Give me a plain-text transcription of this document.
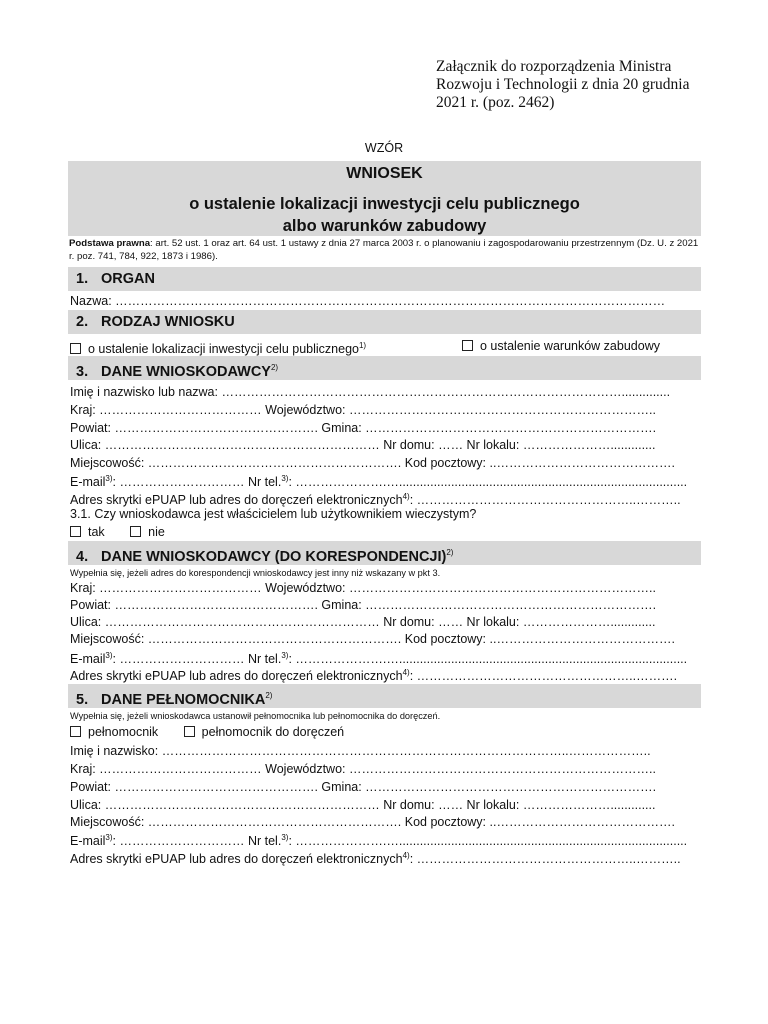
Załącznik do rozporządzenia Ministra
Rozwoju i Technologii z dnia 20 grudnia
2021 r. (poz. 2462)
WZÓR
WNIOSEK
o ustalenie lokalizacji inwestycji celu publicznego
albo warunków zabudowy
Podstawa prawna: art. 52 ust. 1 oraz art. 64 ust. 1 ustawy z dnia 27 marca 2003 r. o planowaniu i zagospodarowaniu przestrzennym (Dz. U. z 2021 r. poz. 741, 784, 922, 1873 i 1986).
1. ORGAN
Nazwa: ……………………………………………………………………………………………………………………
2. RODZAJ WNIOSKU
o ustalenie lokalizacji inwestycji celu publicznego$^{1)}$	o ustalenie warunków zabudowy
3. DANE WNIOSKODAWCY$^{2)}$
Imię i nazwisko lub nazwa: ……………………………………………………………………………………..............
Kraj: ………………………………… Województwo: ………………………………………………………………..
Powiat: …………………………………………. Gmina: …………………………………………………………….
Ulica: ………………………………………………………… Nr domu: …… Nr lokalu: ………………….............
Miejscowość: ……………………………………………………. Kod pocztowy: ..…………………………………….
E-mail$^{3)}$: ………………………… Nr tel.$^{3)}$: ………………….…...................................................................................
Adres skrytki ePUAP lub adres do doręczeń elektronicznych$^{4)}$: ……………………………………………..………..
3.1. Czy wnioskodawca jest właścicielem lub użytkownikiem wieczystym?
tak	nie
4. DANE WNIOSKODAWCY (DO KORESPONDENCJI)$^{2)}$
Wypełnia się, jeżeli adres do korespondencji wnioskodawcy jest inny niż wskazany w pkt 3.
Kraj: ………………………………… Województwo: ………………………………………………………………..
Powiat: …………………………………………. Gmina: …………………………………………………………….
Ulica: ………………………………………………………… Nr domu: …… Nr lokalu: ………………….............
Miejscowość: ……………………………………………………. Kod pocztowy: ..…………………………………….
E-mail$^{3)}$: ………………………… Nr tel.$^{3)}$: ………………….…...................................................................................
Adres skrytki ePUAP lub adres do doręczeń elektronicznych$^{4)}$: ……………………………………………..……….
5. DANE PEŁNOMOCNIKA$^{2)}$
Wypełnia się, jeżeli wnioskodawca ustanowił pełnomocnika lub pełnomocnika do doręczeń.
pełnomocnik	pełnomocnik do doręczeń
Imię i nazwisko: ……………………………………………………………………………………..………………..
Kraj: ………………………………… Województwo: ………………………………………………………………..
Powiat: …………………………………………. Gmina: …………………………………………………………….
Ulica: ………………………………………………………… Nr domu: …… Nr lokalu: ………………….............
Miejscowość: ……………………………………………………. Kod pocztowy: ..…………………………………….
E-mail$^{3)}$: ………………………… Nr tel.$^{3)}$: ………………….…...................................................................................
Adres skrytki ePUAP lub adres do doręczeń elektronicznych$^{4)}$: ……………………………………………..………..
